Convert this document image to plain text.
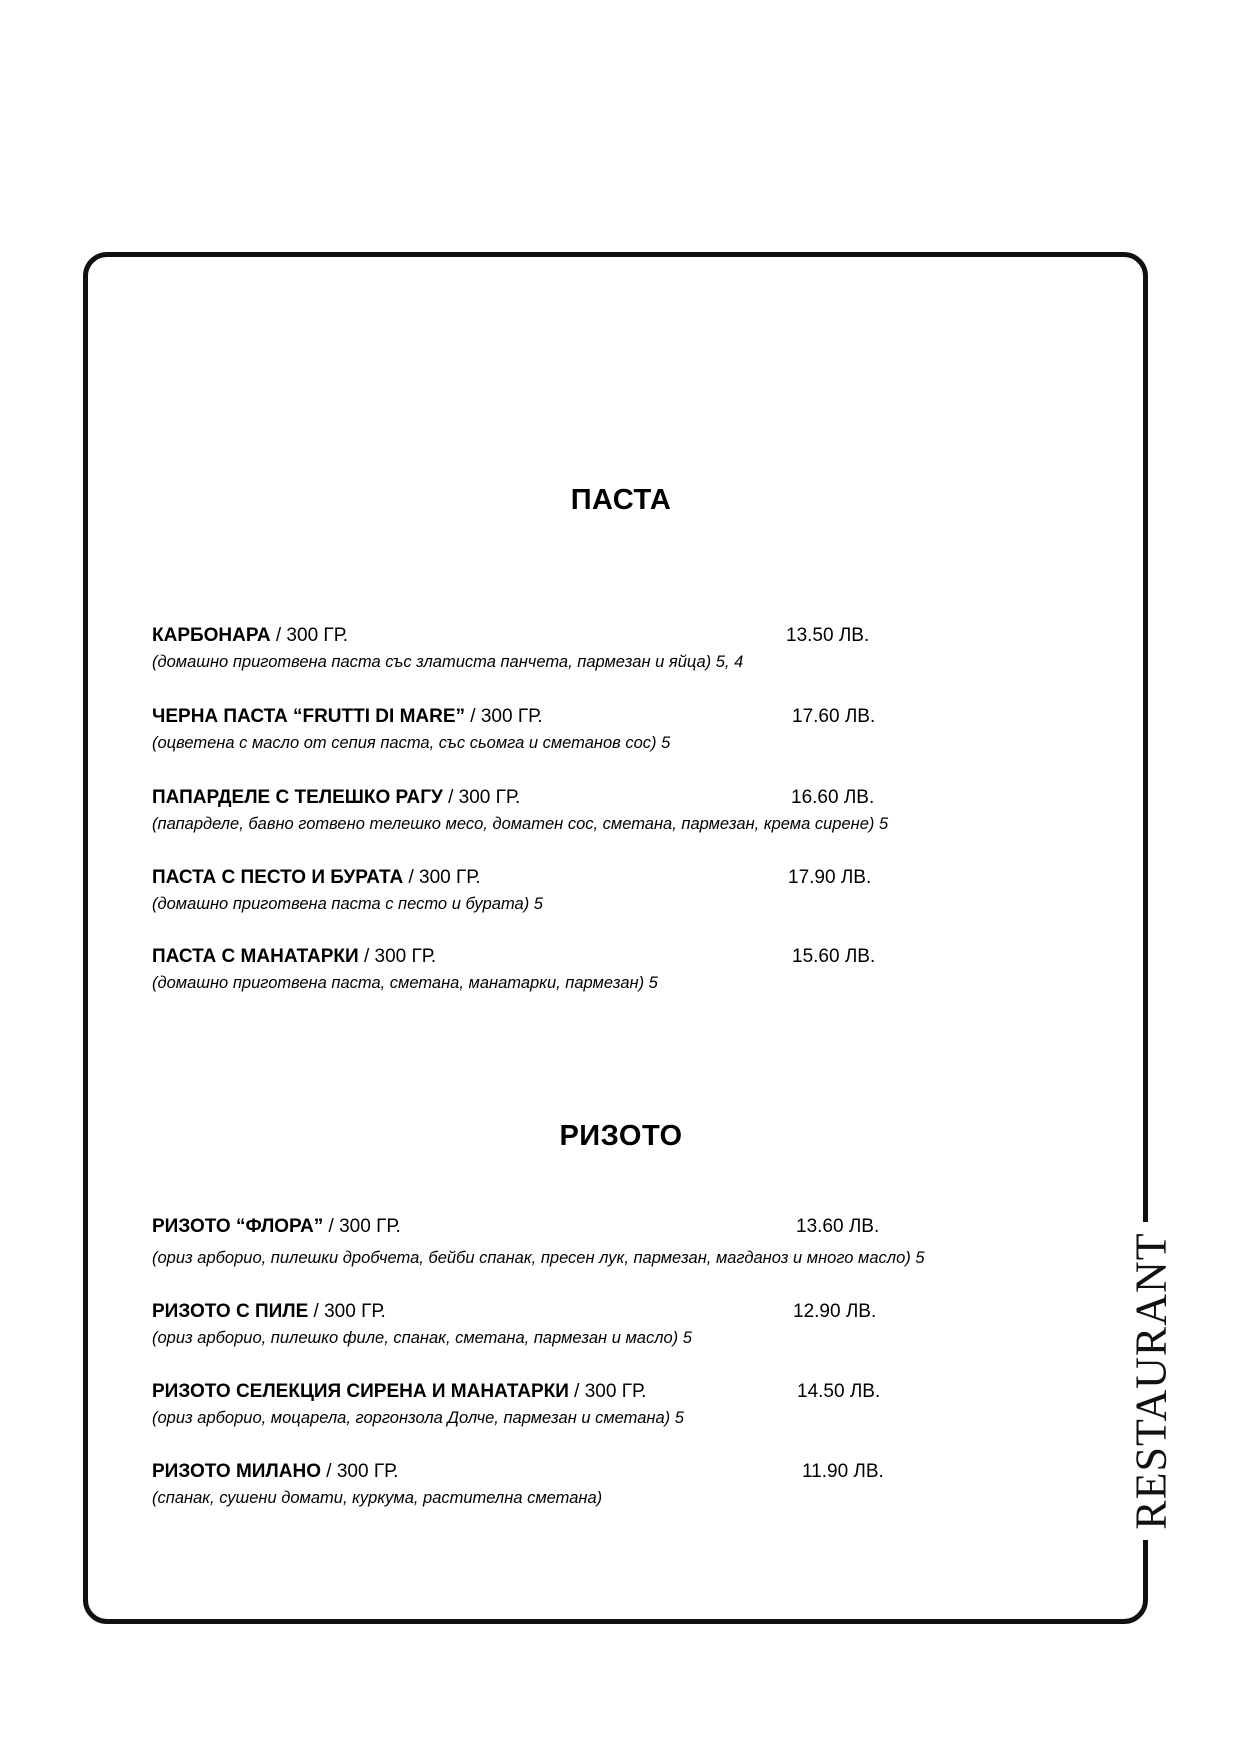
RESTAURANT
ПАСТА
КАРБОНАРА / 300 ГР.	13.50 ЛВ.
(домашно приготвена паста със златиста панчета, пармезан и яйца) 5, 4
ЧЕРНА ПАСТА “FRUTTI DI MARE” / 300 ГР.	17.60 ЛВ.
(оцветена с масло от сепия паста, със сьомга и сметанов сос) 5
ПАПАРДЕЛЕ С ТЕЛЕШКО РАГУ / 300 ГР.	16.60 ЛВ.
(папарделе, бавно готвено телешко месо, доматен сос, сметана, пармезан, крема сирене) 5
ПАСТА С ПЕСТО И БУРАТА / 300 ГР.	17.90 ЛВ.
(домашно приготвена паста с песто и бурата) 5
ПАСТА С МАНАТАРКИ / 300 ГР.	15.60 ЛВ.
(домашно приготвена паста, сметана, манатарки, пармезан) 5
РИЗОТО
РИЗОТО “ФЛОРА” / 300 ГР.	13.60 ЛВ.
(ориз арборио, пилешки дробчета, бейби спанак, пресен лук, пармезан, магданоз и много масло) 5
РИЗОТО С ПИЛЕ / 300 ГР.	12.90 ЛВ.
(ориз арборио, пилешко филе, спанак, сметана, пармезан и масло) 5
РИЗОТО СЕЛЕКЦИЯ СИРЕНА И МАНАТАРКИ / 300 ГР.	14.50 ЛВ.
(ориз арборио, моцарела, горгонзола Долче, пармезан и сметана) 5
РИЗОТО МИЛАНО / 300 ГР.	11.90 ЛВ.
(спанак, сушени домати, куркума, растителна сметана)
